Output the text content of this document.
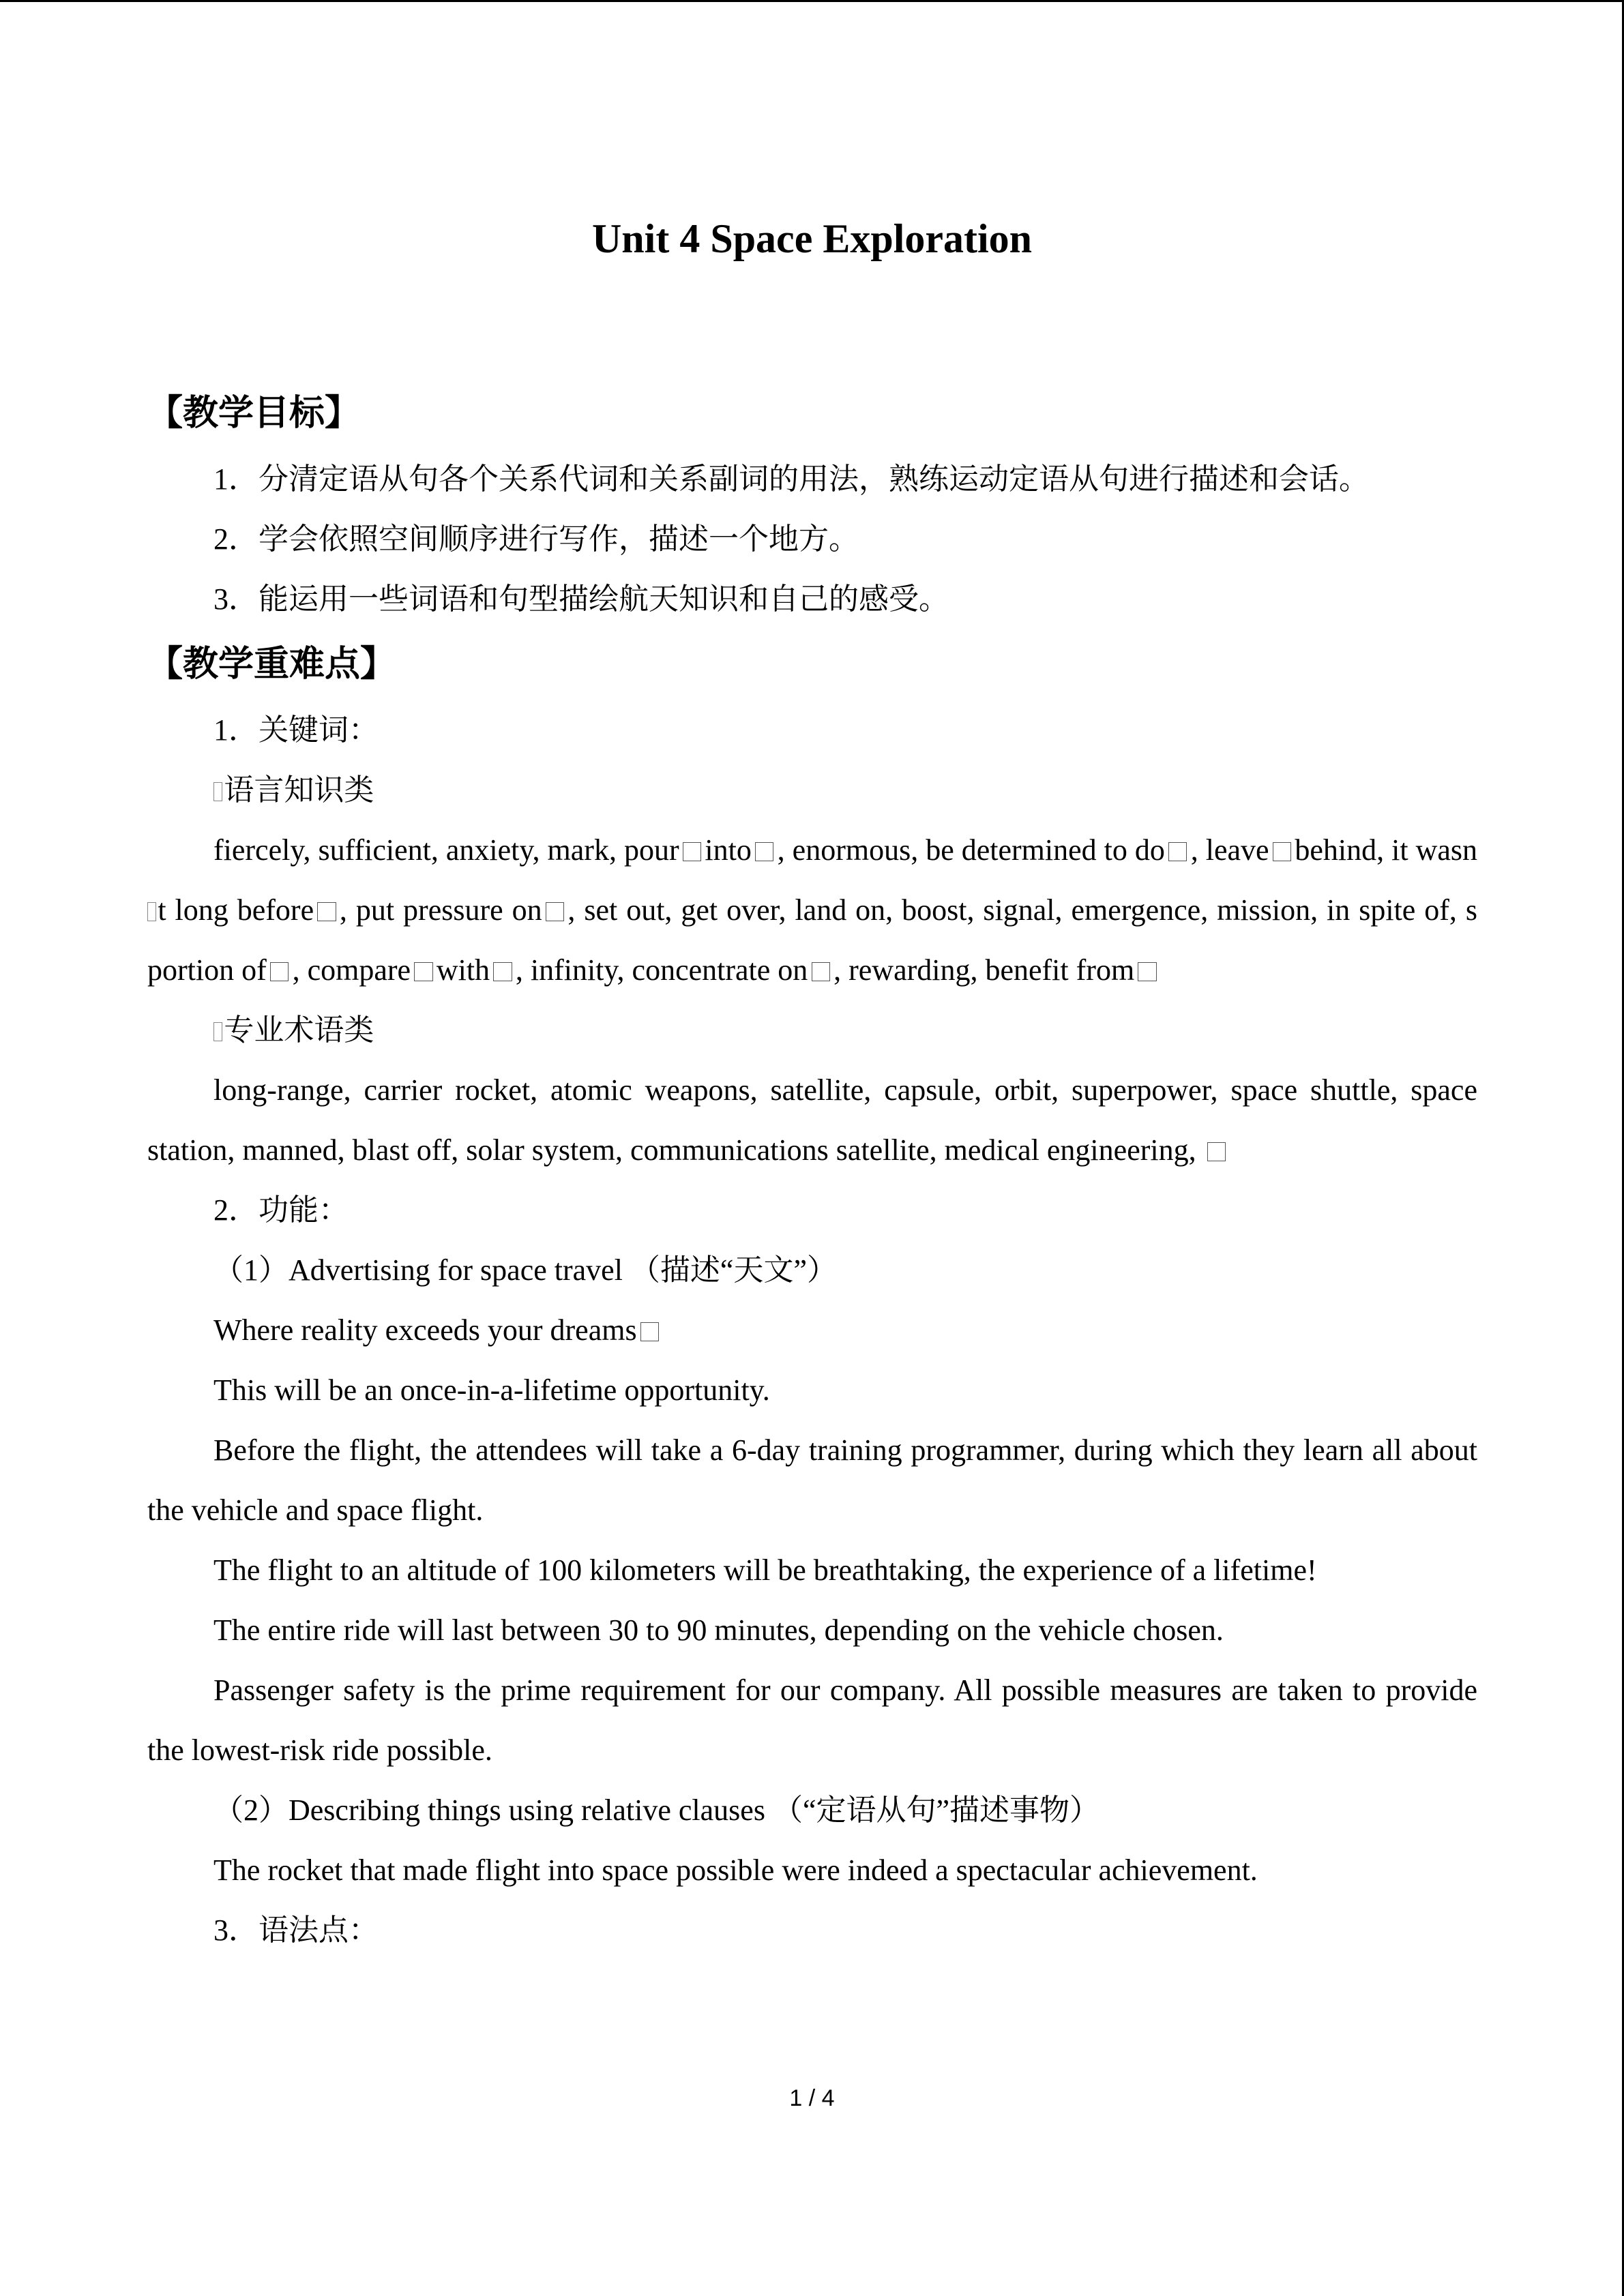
Unit 4 Space Exploration
【教学目标】

1．分清定语从句各个关系代词和关系副词的用法，熟练运动定语从句进行描述和会话。

2．学会依照空间顺序进行写作，描述一个地方。

3．能运用一些词语和句型描绘航天知识和自己的感受。

【教学重难点】

1．关键词：

语言知识类

fiercely, sufficient, anxiety, mark, pour into , enormous, be determined to do , leave behind, it wasnt long before , put pressure on , set out, get over, land on, boost, signal, emergence, mission, in spite of, s portion of , compare with , infinity, concentrate on , rewarding, benefit from

专业术语类

long-range, carrier rocket, atomic weapons, satellite, capsule, orbit, superpower, space shuttle, space station, manned, blast off, solar system, communications satellite, medical engineering,

2．功能：

（1）Advertising for space travel （描述“天文”）

Where reality exceeds your dreams

This will be an once-in-a-lifetime opportunity.

Before the flight, the attendees will take a 6-day training programmer, during which they learn all about the vehicle and space flight.

The flight to an altitude of 100 kilometers will be breathtaking, the experience of a lifetime!

The entire ride will last between 30 to 90 minutes, depending on the vehicle chosen.

Passenger safety is the prime requirement for our company. All possible measures are taken to provide the lowest-risk ride possible.

（2）Describing things using relative clauses （“定语从句”描述事物）

The rocket that made flight into space possible were indeed a spectacular achievement.

3．语法点：

1 / 4
